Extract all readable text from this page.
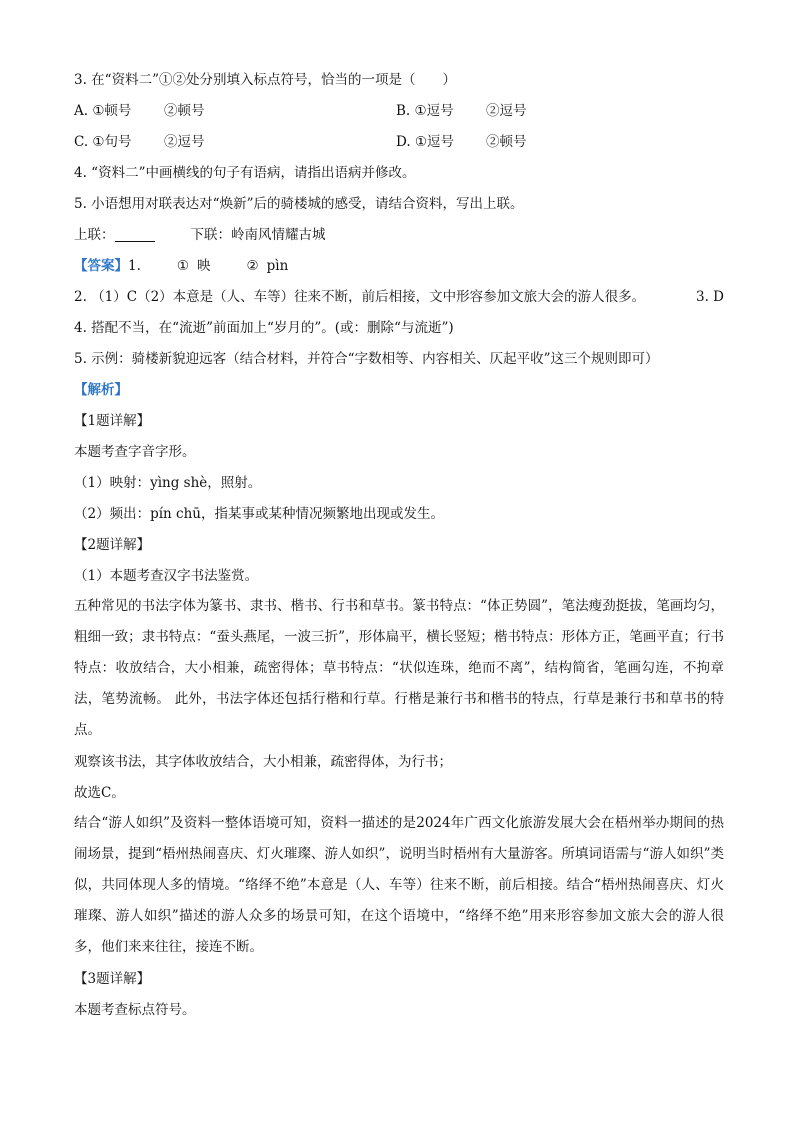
3. 在“资料二”①②处分别填入标点符号，恰当的一项是（　　）
A. ①顿号	②顿号	B. ①逗号	②逗号
C. ①句号	②逗号	D. ①逗号	②顿号
4. “资料二”中画横线的句子有语病，请指出语病并修改。
5. 小语想用对联表达对“焕新”后的骑楼城的感受，请结合资料，写出上联。
上联：	下联：岭南风情耀古城
【答案】 1.	① 映	② pìn
2. （1）C（2）本意是（人、车等）往来不断，前后相接，文中形容参加文旅大会的游人很多。	3. D
4. 搭配不当，在“流逝”前面加上“岁月的”。(或：删除“与流逝”)
5. 示例：骑楼新貌迎远客（结合材料，并符合“字数相等、内容相关、仄起平收”这三个规则即可）
【解析】
【1题详解】
本题考查字音字形。
（1）映射：yìng shè，照射。
（2）频出：pín chū，指某事或某种情况频繁地出现或发生。
【2题详解】
（1）本题考查汉字书法鉴赏。

五种常见的书法字体为篆书、隶书、楷书、行书和草书。篆书特点：“体正势圆”，笔法瘦劲挺拔，笔画均匀，粗细一致；隶书特点：“蚕头燕尾，一波三折”，形体扁平，横长竖短；楷书特点：形体方正，笔画平直；行书特点：收放结合，大小相兼，疏密得体；草书特点：“状似连珠，绝而不离”，结构简省，笔画勾连，不拘章法，笔势流畅。 此外，书法字体还包括行楷和行草。行楷是兼行书和楷书的特点，行草是兼行书和草书的特点。

观察该书法，其字体收放结合，大小相兼，疏密得体，为行书；
故选C。

结合“游人如织”及资料一整体语境可知，资料一描述的是2024年广西文化旅游发展大会在梧州举办期间的热闹场景，提到“梧州热闹喜庆、灯火璀璨、游人如织”，说明当时梧州有大量游客。所填词语需与“游人如织”类似，共同体现人多的情境。“络绎不绝”本意是（人、车等）往来不断，前后相接。结合“梧州热闹喜庆、灯火璀璨、游人如织”描述的游人众多的场景可知，在这个语境中，“络绎不绝”用来形容参加文旅大会的游人很多，他们来来往往，接连不断。

【3题详解】
本题考查标点符号。
